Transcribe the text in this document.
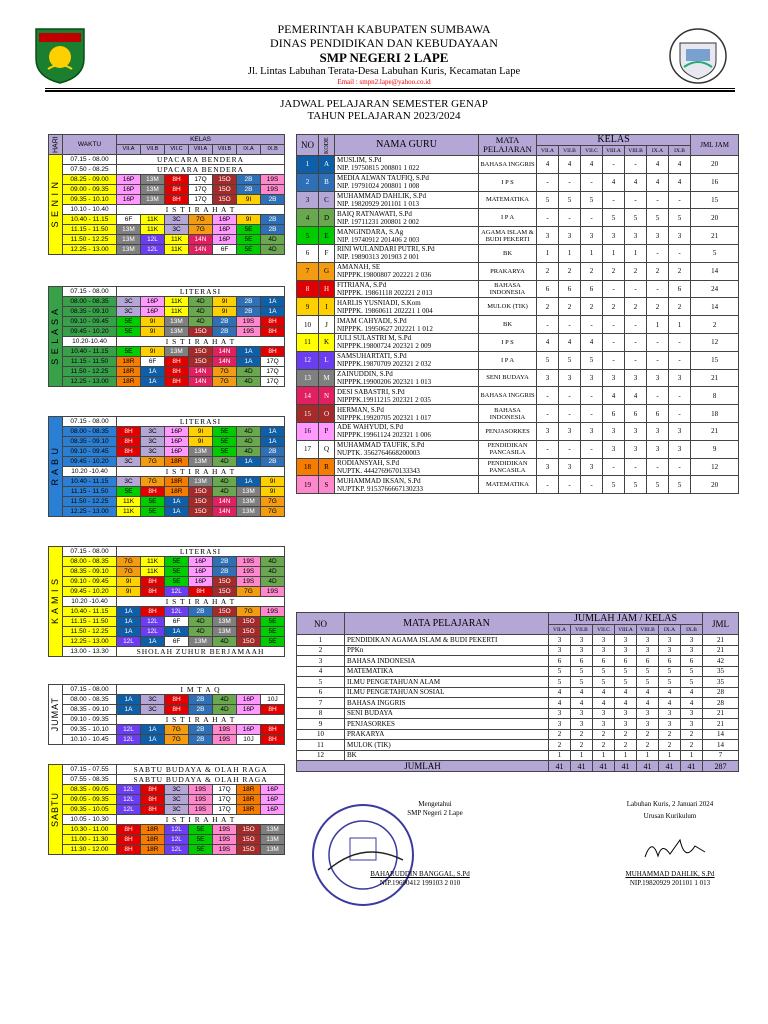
PEMERINTAH KABUPATEN SUMBAWA
DINAS PENDIDIKAN DAN KEBUDAYAAN
SMP NEGERI 2 LAPE
Jl. Lintas Labuhan Terata-Desa Labuhan Kuris, Kecamatan Lape
Email : smpn2.lape@yahoo.co.id
JADWAL PELAJARAN SEMESTER GENAP
TAHUN PELAJARAN 2023/2024
HARI	WAKTU	KELAS						
		VII.A	VII.B	VII.C	VIII.A	VIII.B	IX.A	IX.B

S E N I N	07.15 - 08.00	UPACARA BENDERA						
	07.50 - 08.25	UPACARA BENDERA						
	08.25 - 09.00	16P	13M	8H	17Q	15O	2B	19S
	09.00 - 09.35	16P	13M	8H	17Q	15O	2B	19S
	09.35 - 10.10	16P	13M	8H	17Q	15O	9I	2B
	10.10 - 10.40	I S T I R A H A T						
	10.40 - 11.15	6F	11K	3C	7G	16P	9I	2B
	11.15 - 11.50	13M	11K	3C	7G	16P	5E	2B
	11.50 - 12.25	13M	12L	11K	14N	16P	5E	4D
	12.25 - 13.00	13M	12L	11K	14N	6F	5E	4D
S E L A S A	07.15 - 08.00	LITERASI						
	08.00 - 08.35	3C	16P	11K	4D	9I	2B	1A
	08.35 - 09.10	3C	16P	11K	4D	9I	2B	1A
	09.10 - 09.45	5E	9I	13M	4D	2B	19S	8H
	09.45 - 10.20	5E	9I	13M	15O	2B	19S	8H
	10.20-10.40	I S T I R A H A T						
	10.40 - 11.15	5E	9I	13M	15O	14N	1A	8H
	11.15 - 11.50	18R	6F	8H	15O	14N	1A	17Q
	11.50 - 12.25	18R	1A	8H	14N	7G	4D	17Q
	12.25 - 13.00	18R	1A	8H	14N	7G	4D	17Q
R A B U	07.15 - 08.00	LITERASI						
	08.00 - 08.35	8H	3C	16P	9I	5E	4D	1A
	08.35 - 09.10	8H	3C	16P	9I	5E	4D	1A
	09.10 - 09.45	8H	3C	16P	13M	5E	4D	2B
	09.45 - 10.20	3C	7G	18R	13M	4D	1A	2B
	10.20 -10.40	I S T I R A H A T						
	10.40 - 11.15	3C	7G	18R	13M	4D	1A	9I
	11.15 - 11.50	5E	8H	18R	15O	4D	13M	9I
	11.50 - 12.25	11K	5E	1A	15O	14N	13M	7G
	12.25 - 13.00	11K	5E	1A	15O	14N	13M	7G
K A M I S	07.15 - 08.00	LITERASI						
	08.00 - 08.35	7G	11K	5E	16P	2B	19S	4D
	08.35 - 09.10	7G	11K	5E	16P	2B	19S	4D
	09.10 - 09.45	9I	8H	5E	16P	15O	19S	4D
	09.45 - 10.20	9I	8H	12L	8H	15O	7G	19S
	10.20 -10.40	I S T I R A H A T						
	10.40 - 11.15	1A	8H	12L	2B	15O	7G	19S
	11.15 - 11.50	1A	12L	6F	4D	13M	15O	5E
	11.50 - 12.25	1A	12L	1A	4D	13M	15O	5E
	12.25 - 13.00	12L	1A	6F	13M	4D	15O	5E
	13.00 - 13.30	SHOLAH ZUHUR BERJAMAAH						
JUMAT	07.15 - 08.00	I M T A Q						
	08.00 - 08.35	1A	3C	8H	2B	4D	16P	10J
	08.35 - 09.10	1A	3C	8H	2B	4D	16P	8H
	09.10 - 09.35	I S T I R A H A T						
	09.35 - 10.10	12L	1A	7G	2B	19S	16P	8H
	10.10 - 10.45	12L	1A	7G	2B	19S	10J	8H
SABTU	07.15 - 07.55	SABTU BUDAYA & OLAH RAGA						
	07.55 - 08.35	SABTU BUDAYA & OLAH RAGA						
	08.35 - 09.05	12L	8H	3C	19S	17Q	18R	16P
	09.05 - 09.35	12L	8H	3C	19S	17Q	18R	16P
	09.35 - 10.05	12L	8H	3C	19S	17Q	18R	16P
	10.05 - 10.30	I S T I R A H A T						
	10.30 - 11.00	8H	18R	12L	5E	19S	15O	13M
	11.00 - 11.30	8H	18R	12L	5E	19S	15O	13M
	11.30 - 12.00	8H	18R	12L	5E	19S	15O	13M
NO	KODE	NAMA GURU	MATA PELAJARAN	KELAS							JML JAM
				VII.A	VII.B	VII.C	VIII.A	VIII.B	IX.A	IX.B	
1	A	MUSLIM, S.Pd
NIP. 19750815 200801 1 022	BAHASA INGGRIS	4	4	4	-	-	4	4	20
2	B	MEDIA ALWAN TAUFIQ, S.Pd
NIP. 19791024 200801 1 008	I P S	-	-	-	4	4	4	4	16
3	C	MUHAMMAD DAHLIK, S.Pd
NIP. 19820929 201101 1 013	MATEMATIKA	5	5	5	-	-	-	-	15
4	D	BAIQ RATNAWATI, S.Pd
NIP. 19711231 200801 2 002	I P A	-	-	-	5	5	5	5	20
5	E	MANGINDARA, S.Ag
NIP. 19740912 201406 2 003	AGAMA ISLAM & BUDI PEKERTI	3	3	3	3	3	3	3	21
6	F	RINI WULANDARI PUTRI, S.Pd
NIP. 19890313 201903 2 001	BK	1	1	1	1	1	-	-	5
7	G	AMANAH, SE
NIPPPK.19800807 202221 2 036	PRAKARYA	2	2	2	2	2	2	2	14
8	H	FITRIANA, S.Pd
NIPPPK. 19861118 202221 2 013	BAHASA INDONESIA	6	6	6	-	-	-	6	24
9	I	HARLIS YUSNIADI, S.Kom
NIPPPK. 19860611 202221 1 004	MULOK (TIK)	2	2	2	2	2	2	2	14
10	J	IMAM CAHYADI, S.Pd
NIPPPK. 19950627 202221 1 012	BK	-	-	-	-	-	1	1	2
11	K	JULI SULASTRI M, S.Pd
NIPPPK.19800724 202321 2 009	I P S	4	4	4	-	-	-	-	12
12	L	SAMSUHARTATI, S.Pd
NIPPPK.19870709 202321 2 032	I P A	5	5	5	-	-	-	-	15
13	M	ZAINUDDIN, S.Pd
NIPPPK.19900206 202321 1 013	SENI BUDAYA	3	3	3	3	3	3	3	21
14	N	DESI SABASTRI, S.Pd
NIPPPK.19911215 202321 2 035	BAHASA INGGRIS	-	-	-	4	4	-	-	8
15	O	HERMAN, S.Pd
NIPPPK.19920705 202321 1 017	BAHASA INDONESIA	-	-	-	6	6	6	-	18
16	P	ADE WAHYUDI, S.Pd
NIPPPK.19961124 202321 1 006	PENJASORKES	3	3	3	3	3	3	3	21
17	Q	MUHAMMAD TAUFIK, S.Pd
NUPTK. 3562764668200003	PENDIDIKAN PANCASILA	-	-	-	3	3	3	3	9
18	R	RODIANSYAH, S.Pd
NUPTK. 4442769670133343	PENDIDIKAN PANCASILA	3	3	3	-	-	-	-	12
19	S	MUHAMMAD IKSAN, S.Pd
NUPTKP. 9153766667130233	MATEMATIKA	-	-	-	5	5	5	5	20
NO	MATA PELAJARAN	JUMLAH JAM / KELAS							JML
		VII.A	VII.B	VII.C	VIII.A	VIII.B	IX.A	IX.B	
1	PENDIDIKAN AGAMA ISLAM & BUDI PEKERTI	3	3	3	3	3	3	3	21
2	PPKn	3	3	3	3	3	3	3	21
3	BAHASA INDONESIA	6	6	6	6	6	6	6	42
4	MATEMATIKA	5	5	5	5	5	5	5	35
5	ILMU PENGETAHUAN ALAM	5	5	5	5	5	5	5	35
6	ILMU PENGETAHUAN SOSIAL	4	4	4	4	4	4	4	28
7	BAHASA INGGRIS	4	4	4	4	4	4	4	28
8	SENI BUDAYA	3	3	3	3	3	3	3	21
9	PENJASORKES	3	3	3	3	3	3	3	21
10	PRAKARYA	2	2	2	2	2	2	2	14
11	MULOK (TIK)	2	2	2	2	2	2	2	14
12	BK	1	1	1	1	1	1	1	7
JUMLAH		41	41	41	41	41	41	41	287
Mengetahui
SMP Negeri 2 Lape
BAHARUDDIN BANGGAL, S.Pd
NIP.19690412 199103 2 010
Labuhan Kuris, 2 Januari 2024
Urusan Kurikulum
MUHAMMAD DAHLIK, S.Pd
NIP.19820929 201101 1 013
